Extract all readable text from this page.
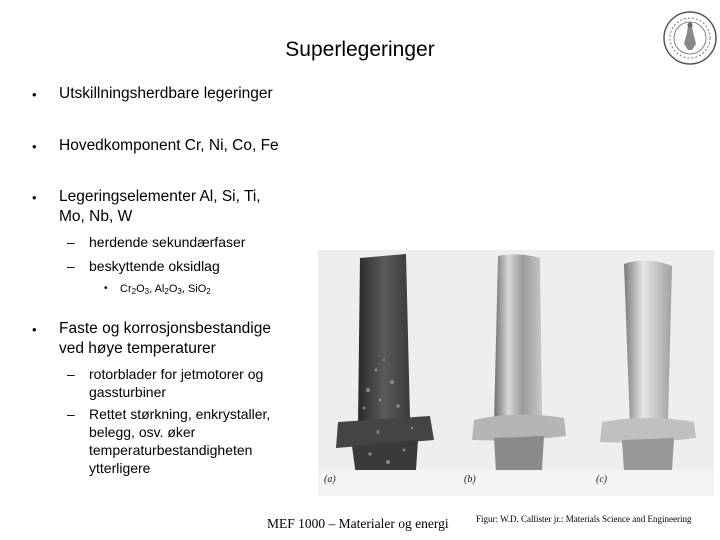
Superlegeringer
• Utskillningsherdbare legeringer
• Hovedkomponent Cr, Ni, Co, Fe
• Legeringselementer Al, Si, Ti,
Mo, Nb, W
– herdende sekundærfaser
– beskyttende oksidlag
• $Cr_2O_3$, $Al_2O_3$, SiO$_2$
• Faste og korrosjonsbestandige
ved høye temperaturer
– rotorblader for jetmotorer og
gassturbiner
– Rettet størkning, enkrystaller,
belegg, osv. øker
temperaturbestandigheten
ytterligere
(a)	(b)	(c)
MEF 1000 – Materialer og energi	Figur: W.D. Callister jr.: Materials Science and Engineering
